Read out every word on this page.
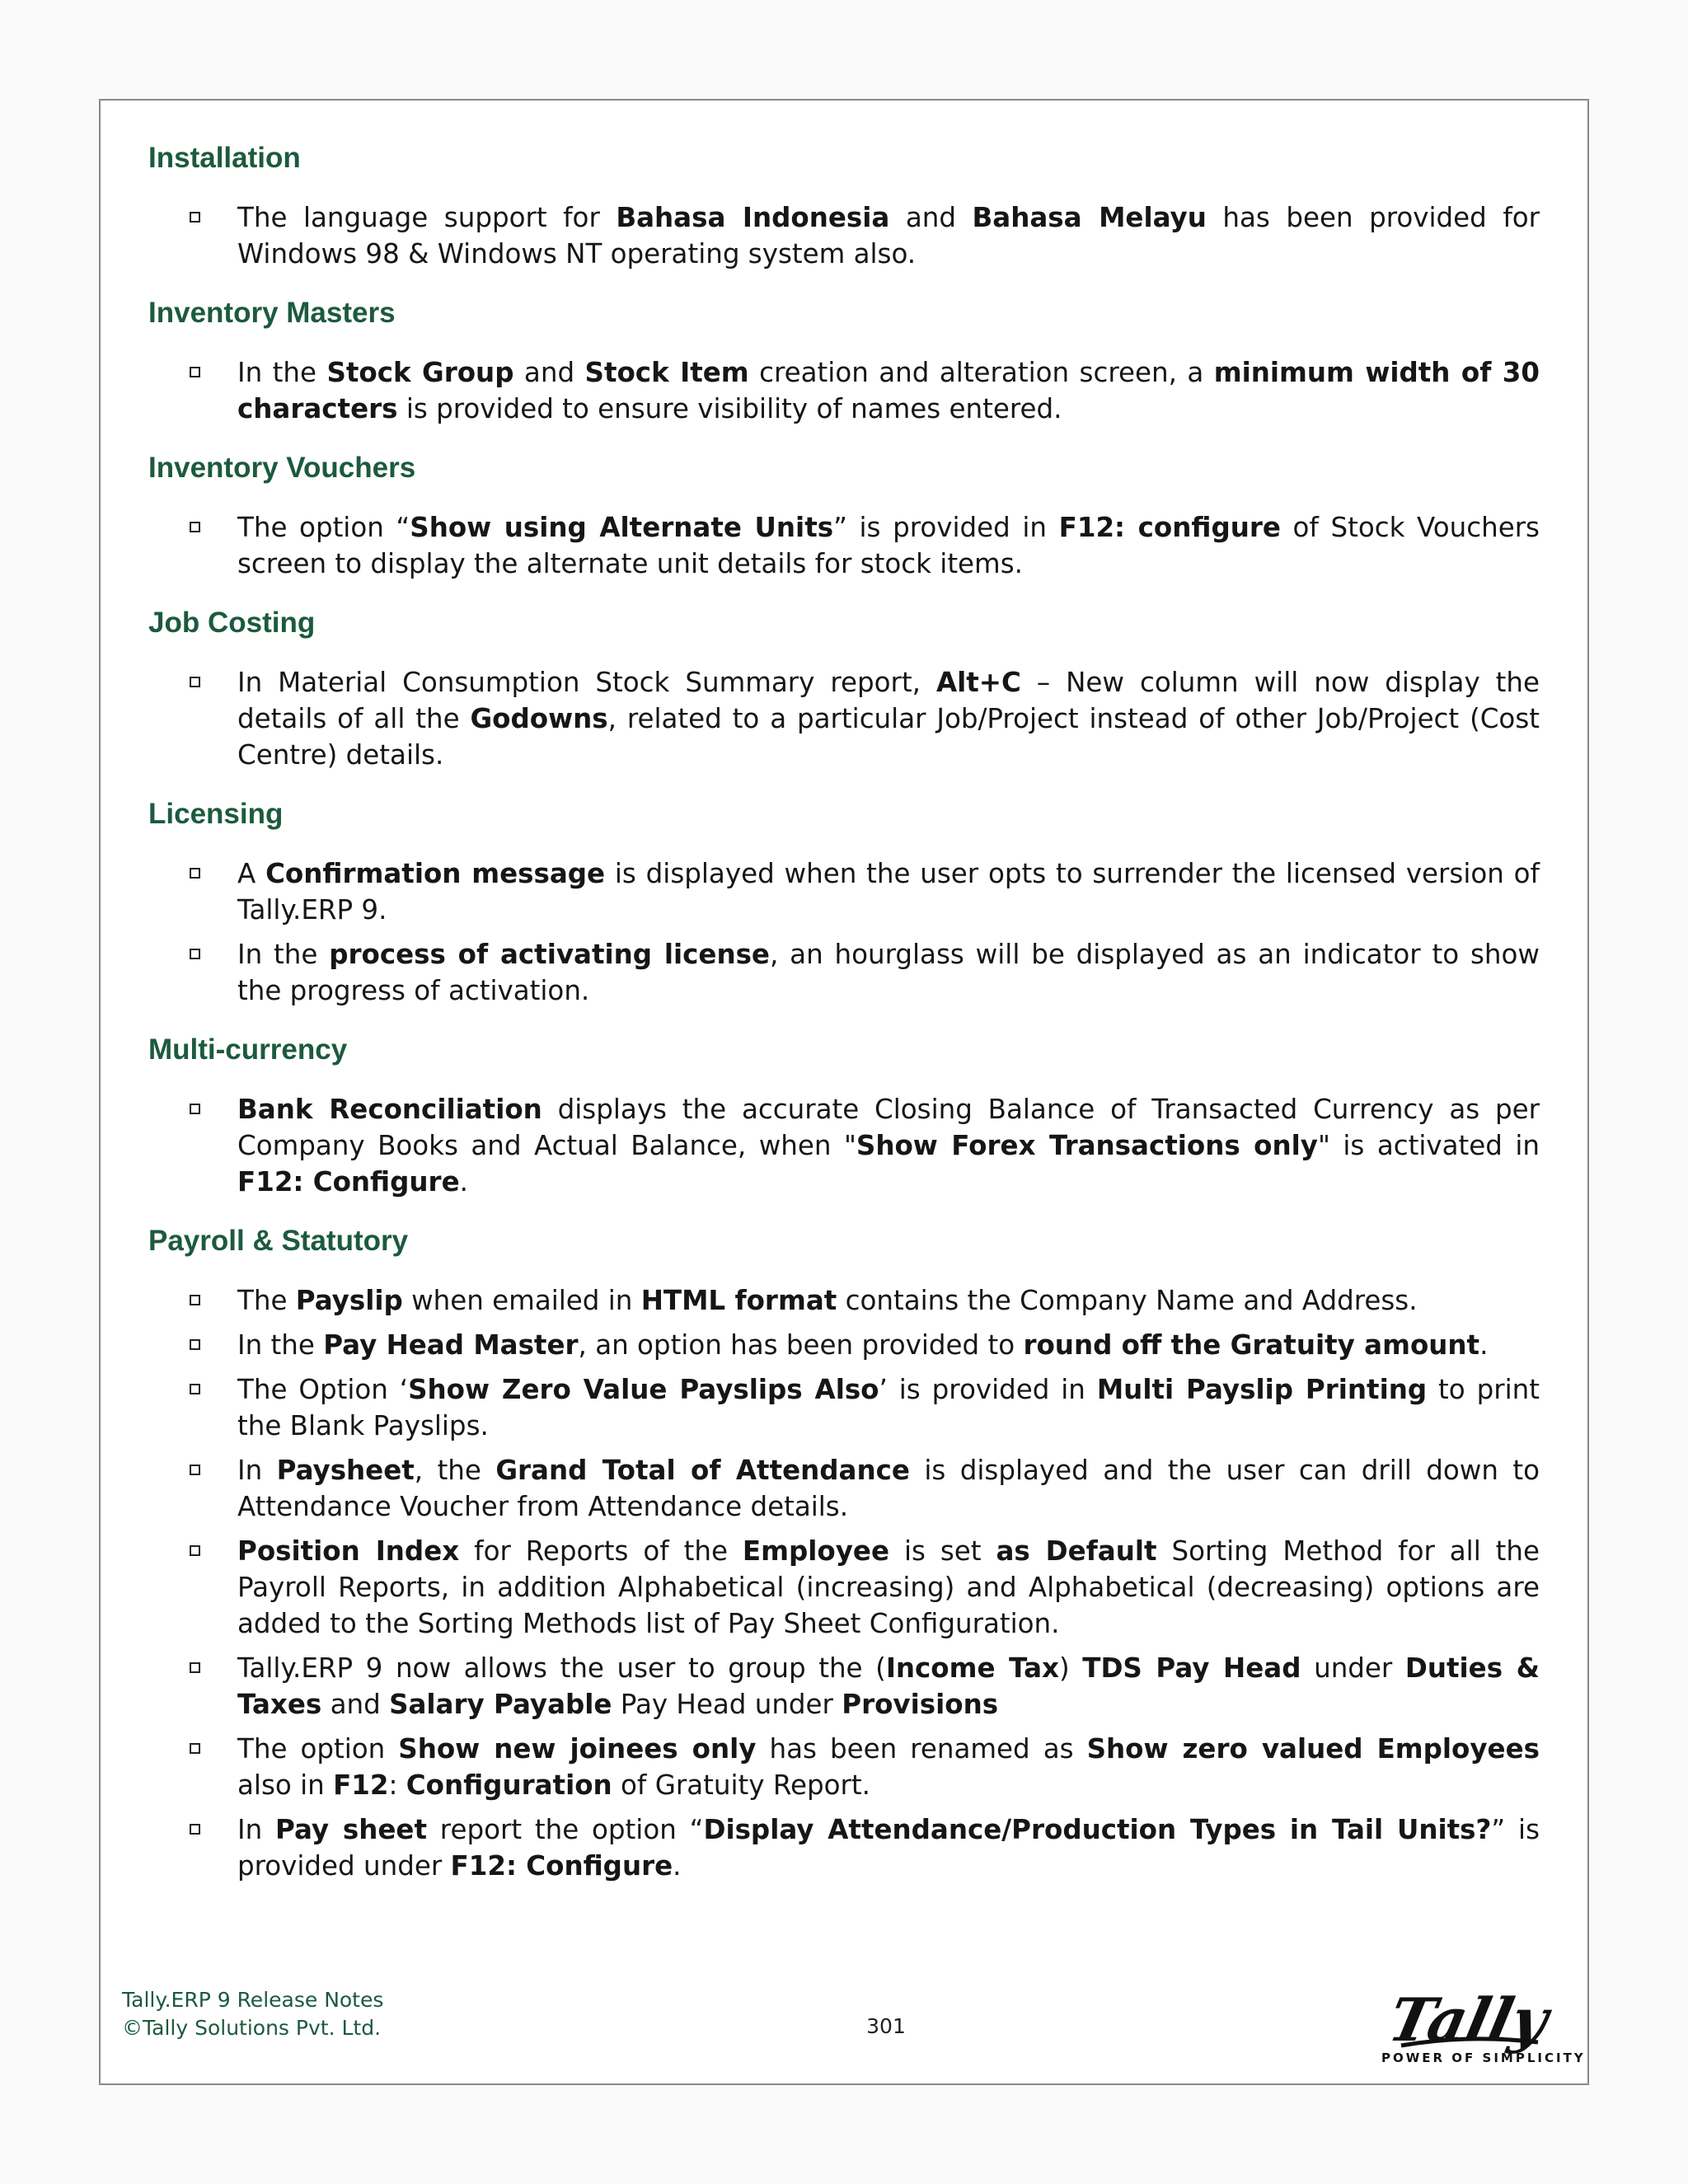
Installation
The language support for Bahasa Indonesia and Bahasa Melayu has been provided for Windows 98 & Windows NT operating system also.
Inventory Masters
In the Stock Group and Stock Item creation and alteration screen, a minimum width of 30 characters is provided to ensure visibility of names entered.
Inventory Vouchers
The option “Show using Alternate Units” is provided in F12: configure of Stock Vouchers screen to display the alternate unit details for stock items.
Job Costing
In Material Consumption Stock Summary report, Alt+C – New column will now display the details of all the Godowns, related to a particular Job/Project instead of other Job/Project (Cost Centre) details.
Licensing
A Confirmation message is displayed when the user opts to surrender the licensed version of Tally.ERP 9.
In the process of activating license, an hourglass will be displayed as an indicator to show the progress of activation.
Multi-currency
Bank Reconciliation displays the accurate Closing Balance of Transacted Currency as per Company Books and Actual Balance, when "Show Forex Transactions only" is activated in F12: Configure.
Payroll & Statutory
The Payslip when emailed in HTML format contains the Company Name and Address.
In the Pay Head Master, an option has been provided to round off the Gratuity amount.
The Option ‘Show Zero Value Payslips Also’ is provided in Multi Payslip Printing to print the Blank Payslips.
In Paysheet, the Grand Total of Attendance is displayed and the user can drill down to Attendance Voucher from Attendance details.
Position Index for Reports of the Employee is set as Default Sorting Method for all the Payroll Reports, in addition Alphabetical (increasing) and Alphabetical (decreasing) options are added to the Sorting Methods list of Pay Sheet Configuration.
Tally.ERP 9 now allows the user to group the (Income Tax) TDS Pay Head under Duties & Taxes and Salary Payable Pay Head under Provisions
The option Show new joinees only has been renamed as Show zero valued Employees also in F12: Configuration of Gratuity Report.
In Pay sheet report the option “Display Attendance/Production Types in Tail Units?” is provided under F12: Configure.
Tally.ERP 9 Release Notes
©Tally Solutions Pvt. Ltd.	301	Tally
POWER OF SIMPLICITY
